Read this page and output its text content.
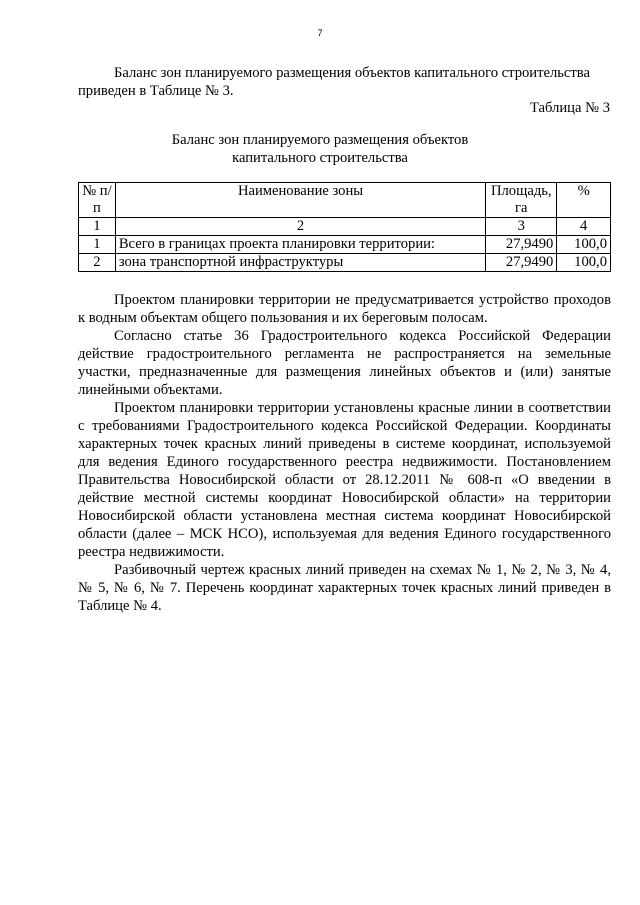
7

Баланс зон планируемого размещения объектов капитального строительства приведен в Таблице № 3.

Таблица № 3
Баланс зон планируемого размещения объектов
капитального строительства
№ п/п	Наименование зоны	Площадь, га	%
1	2	3	4
1	Всего в границах проекта планировки территории:	27,9490	100,0
2	зона транспортной инфраструктуры	27,9490	100,0

Проектом планировки территории не предусматривается устройство проходов к водным объектам общего пользования и их береговым полосам.

Согласно статье 36 Градостроительного кодекса Российской Федерации действие градостроительного регламента не распространяется на земельные участки, предназначенные для размещения линейных объектов и (или) занятые линейными объектами.

Проектом планировки территории установлены красные линии в соответствии с требованиями Градостроительного кодекса Российской Федерации. Координаты характерных точек красных линий приведены в системе координат, используемой для ведения Единого государственного реестра недвижимости. Постановлением Правительства Новосибирской области от 28.12.2011 № 608-п «О введении в действие местной системы координат Новосибирской области» на территории Новосибирской области установлена местная система координат Новосибирской области (далее – МСК НСО), используемая для ведения Единого государственного реестра недвижимости.

Разбивочный чертеж красных линий приведен на схемах № 1, № 2, № 3, № 4, № 5, № 6, № 7. Перечень координат характерных точек красных линий приведен в Таблице № 4.
